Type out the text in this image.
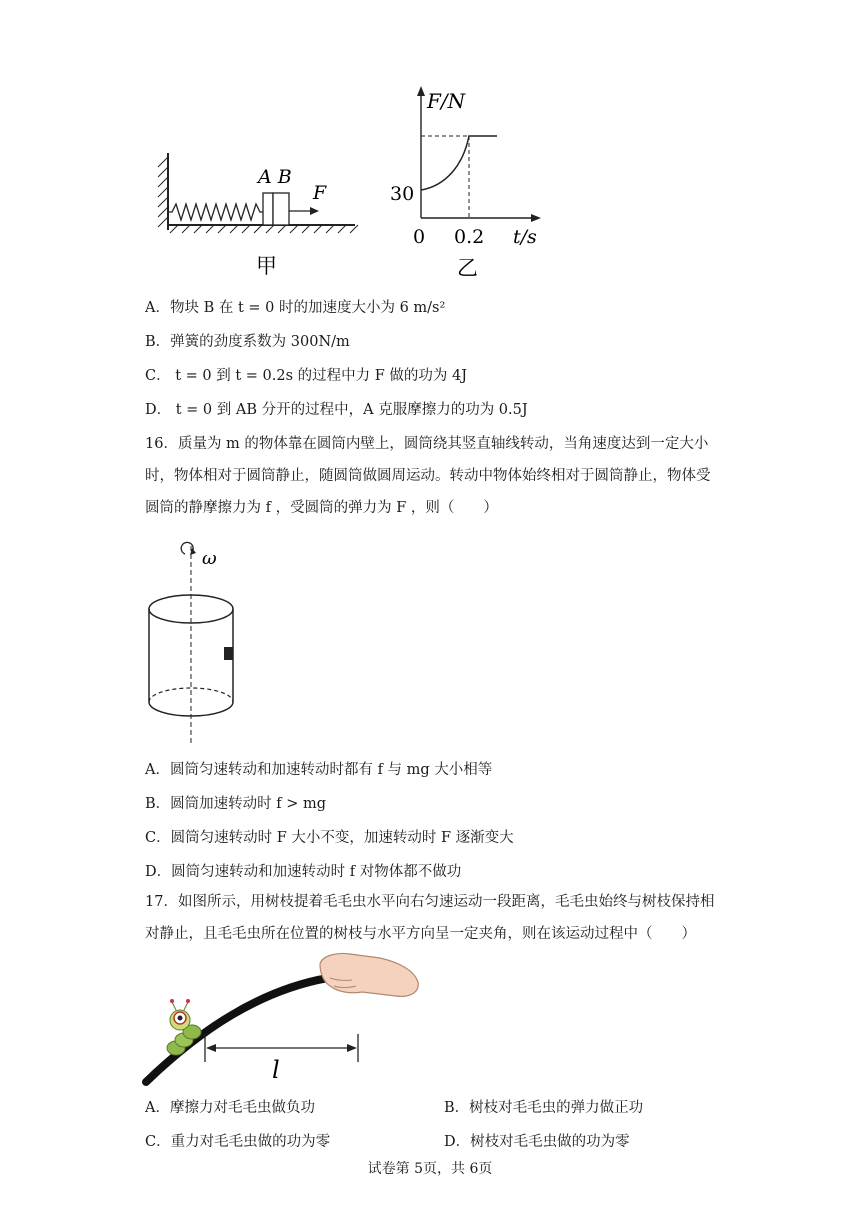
A B
F
甲
F/N
30
0 0.2 t/s
乙
A．物块 B 在 t = 0 时的加速度大小为 6 m/s²
B．弹簧的劲度系数为 300N/m
C． t = 0 到 t = 0.2s 的过程中力 F 做的功为 4J
D． t = 0 到 AB 分开的过程中，A 克服摩擦力的功为 0.5J
16．质量为 m 的物体靠在圆筒内壁上，圆筒绕其竖直轴线转动，当角速度达到一定大小时，物体相对于圆筒静止，随圆筒做圆周运动。转动中物体始终相对于圆筒静止，物体受圆筒的静摩擦力为 f ，受圆筒的弹力为 F ，则（　　）
ω
A．圆筒匀速转动和加速转动时都有 f 与 mg 大小相等
B．圆筒加速转动时 f > mg
C．圆筒匀速转动时 F 大小不变，加速转动时 F 逐渐变大
D．圆筒匀速转动和加速转动时 f 对物体都不做功
17．如图所示，用树枝提着毛毛虫水平向右匀速运动一段距离，毛毛虫始终与树枝保持相对静止，且毛毛虫所在位置的树枝与水平方向呈一定夹角，则在该运动过程中（　　）
l
A．摩擦力对毛毛虫做负功	B．树枝对毛毛虫的弹力做正功
C．重力对毛毛虫做的功为零	D．树枝对毛毛虫做的功为零
试卷第 5页，共 6页
